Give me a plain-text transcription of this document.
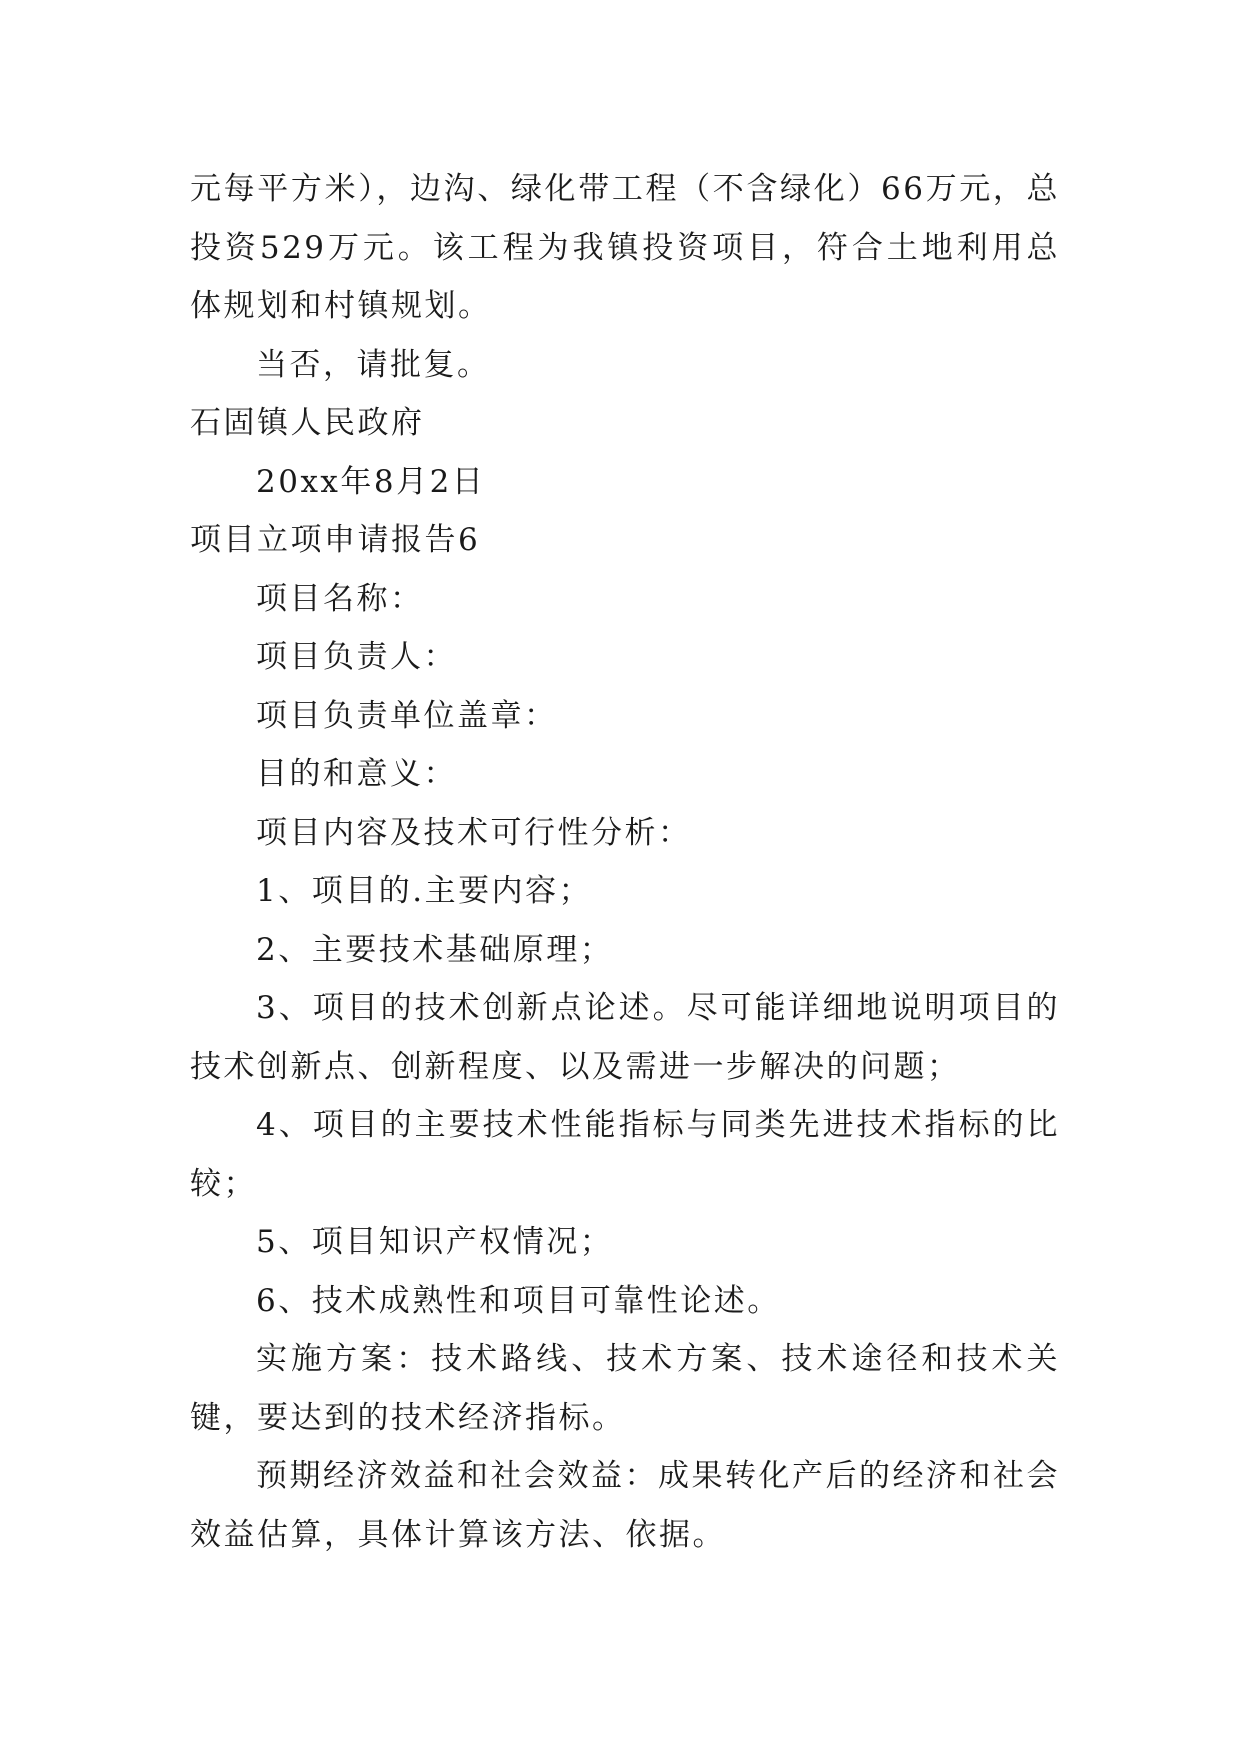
元每平方米），边沟、绿化带工程（不含绿化）66万元，总投资529万元。该工程为我镇投资项目，符合土地利用总体规划和村镇规划。

当否，请批复。

石固镇人民政府

20xx年8月2日

项目立项申请报告6

项目名称：

项目负责人：

项目负责单位盖章：

目的和意义：

项目内容及技术可行性分析：

1、项目的.主要内容；

2、主要技术基础原理；

3、项目的技术创新点论述。尽可能详细地说明项目的技术创新点、创新程度、以及需进一步解决的问题；

4、项目的主要技术性能指标与同类先进技术指标的比较；

5、项目知识产权情况；

6、技术成熟性和项目可靠性论述。

实施方案：技术路线、技术方案、技术途径和技术关键，要达到的技术经济指标。

预期经济效益和社会效益：成果转化产后的经济和社会效益估算，具体计算该方法、依据。
